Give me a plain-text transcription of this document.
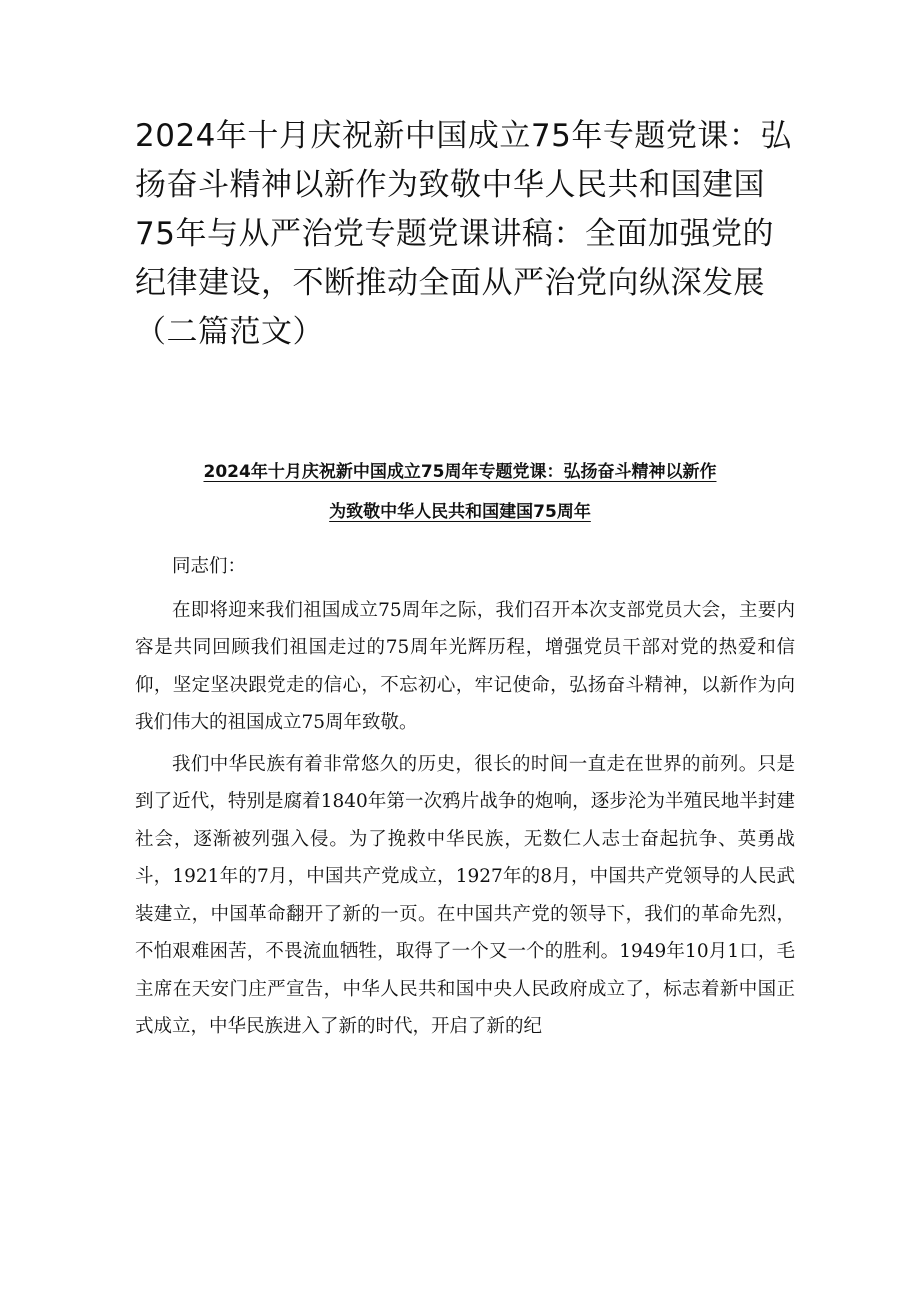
2024年十月庆祝新中国成立75年专题党课：弘扬奋斗精神以新作为致敬中华人民共和国建国75年与从严治党专题党课讲稿：全面加强党的纪律建设，不断推动全面从严治党向纵深发展（二篇范文）
2024年十月庆祝新中国成立75周年专题党课：弘扬奋斗精神以新作
为致敬中华人民共和国建国75周年

同志们：

在即将迎来我们祖国成立75周年之际，我们召开本次支部党员大会，主要内容是共同回顾我们祖国走过的75周年光辉历程，增强党员干部对党的热爱和信仰，坚定坚决跟党走的信心，不忘初心，牢记使命，弘扬奋斗精神，以新作为向我们伟大的祖国成立75周年致敬。

我们中华民族有着非常悠久的历史，很长的时间一直走在世界的前列。只是到了近代，特别是腐着1840年第一次鸦片战争的炮响，逐步沦为半殖民地半封建社会，逐渐被列强入侵。为了挽救中华民族，无数仁人志士奋起抗争、英勇战斗，1921年的7月，中国共产党成立，1927年的8月，中国共产党领导的人民武装建立，中国革命翻开了新的一页。在中国共产党的领导下，我们的革命先烈，不怕艰难困苦，不畏流血牺牲，取得了一个又一个的胜利。1949年10月1口，毛主席在天安门庄严宣告，中华人民共和国中央人民政府成立了，标志着新中国正式成立，中华民族进入了新的时代，开启了新的纪
